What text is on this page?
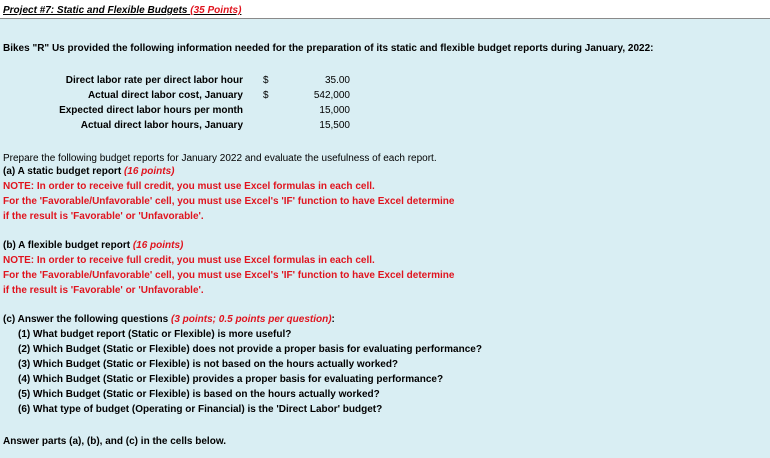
Project #7: Static and Flexible Budgets (35 Points)
Bikes "R" Us provided the following information needed for the preparation of its static and flexible budget reports during January, 2022:
Direct labor rate per direct labor hour $	35.00
Actual direct labor cost, January $	542,000
Expected direct labor hours per month	15,000
Actual direct labor hours, January	15,500
Prepare the following budget reports for January 2022 and evaluate the usefulness of each report.
(a) A static budget report (16 points)
NOTE: In order to receive full credit, you must use Excel formulas in each cell.
For the 'Favorable/Unfavorable' cell, you must use Excel's 'IF' function to have Excel determine
if the result is 'Favorable' or 'Unfavorable'.
(b) A flexible budget report (16 points)
NOTE: In order to receive full credit, you must use Excel formulas in each cell.
For the 'Favorable/Unfavorable' cell, you must use Excel's 'IF' function to have Excel determine
if the result is 'Favorable' or 'Unfavorable'.
(c) Answer the following questions (3 points; 0.5 points per question):
(1) What budget report (Static or Flexible) is more useful?
(2) Which Budget (Static or Flexible) does not provide a proper basis for evaluating performance?
(3) Which Budget (Static or Flexible) is not based on the hours actually worked?
(4) Which Budget (Static or Flexible) provides a proper basis for evaluating performance?
(5) Which Budget (Static or Flexible) is based on the hours actually worked?
(6) What type of budget (Operating or Financial) is the 'Direct Labor' budget?
Answer parts (a), (b), and (c) in the cells below.
